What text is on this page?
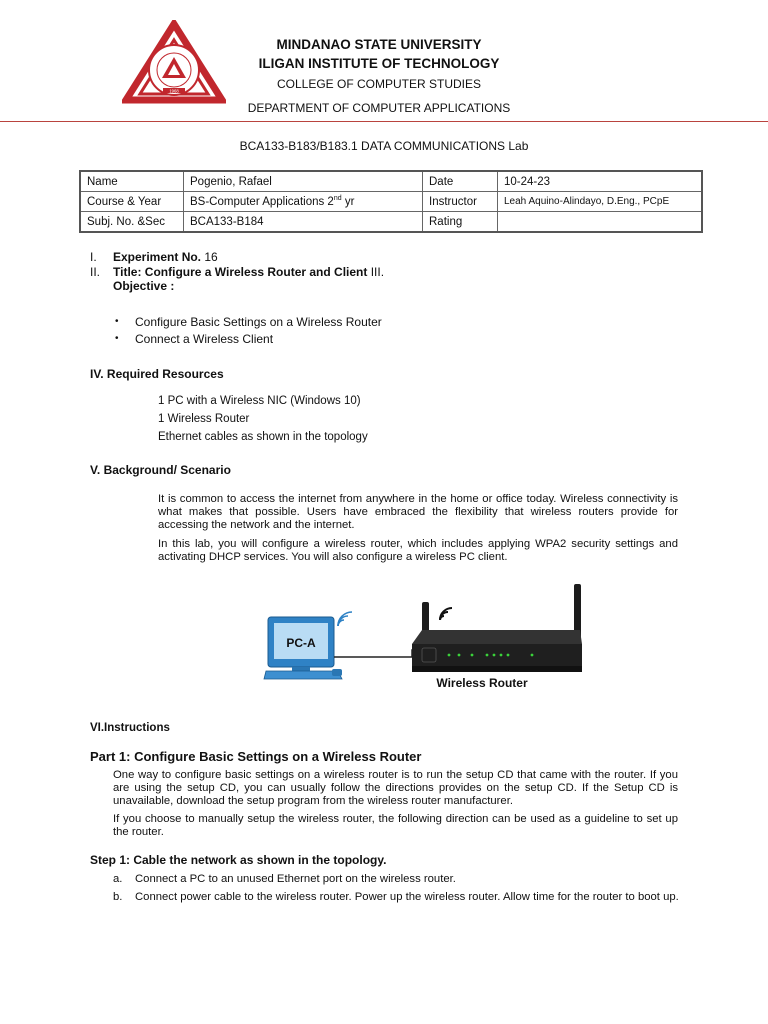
1968
MINDANAO STATE UNIVERSITY
ILIGAN INSTITUTE OF TECHNOLOGY
COLLEGE OF COMPUTER STUDIES
DEPARTMENT OF COMPUTER APPLICATIONS
BCA133-B183/B183.1 DATA COMMUNICATIONS Lab
Name	Pogenio, Rafael	Date	10-24-23
Course & Year	BS-Computer Applications 2nd yr	Instructor	Leah Aquino-Alindayo, D.Eng., PCpE
Subj. No. &Sec	BCA133-B184	Rating	
I. Experiment No. 16
II. Title: Configure a Wireless Router and Client III.
Objective :
• Configure Basic Settings on a Wireless Router
• Connect a Wireless Client
IV. Required Resources
1 PC with a Wireless NIC (Windows 10)
1 Wireless Router
Ethernet cables as shown in the topology
V. Background/ Scenario
It is common to access the internet from anywhere in the home or office today. Wireless connectivity is what makes that possible. Users have embraced the flexibility that wireless routers provide for accessing the network and the internet.
In this lab, you will configure a wireless router, which includes applying WPA2 security settings and activating DHCP services. You will also configure a wireless PC client.
PC-A
Wireless Router
VI.Instructions
Part 1: Configure Basic Settings on a Wireless Router
One way to configure basic settings on a wireless router is to run the setup CD that came with the router. If you are using the setup CD, you can usually follow the directions provides on the setup CD. If the Setup CD is unavailable, download the setup program from the wireless router manufacturer.
If you choose to manually setup the wireless router, the following direction can be used as a guideline to set up the router.
Step 1: Cable the network as shown in the topology.
a. Connect a PC to an unused Ethernet port on the wireless router.
b. Connect power cable to the wireless router. Power up the wireless router. Allow time for the router to boot up.
